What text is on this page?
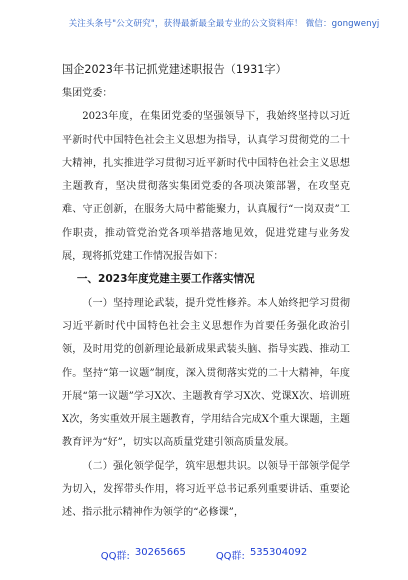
关注头条号"公文研究"，获得最新最全最专业的公文资料库！ 微信：gongwenyj

国企2023年书记抓党建述职报告（1931字）

集团党委：

2023年度，在集团党委的坚强领导下，我始终坚持以习近平新时代中国特色社会主义思想为指导，认真学习贯彻党的二十大精神，扎实推进学习贯彻习近平新时代中国特色社会主义思想主题教育，坚决贯彻落实集团党委的各项决策部署，在攻坚克难、守正创新，在服务大局中蓄能聚力，认真履行“一岗双责”工作职责，推动管党治党各项举措落地见效，促进党建与业务发展，现将抓党建工作情况报告如下：

一、2023年度党建主要工作落实情况

（一）坚持理论武装，提升党性修养。本人始终把学习贯彻习近平新时代中国特色社会主义思想作为首要任务强化政治引领，及时用党的创新理论最新成果武装头脑、指导实践、推动工作。坚持“第一议题”制度，深入贯彻落实党的二十大精神，年度开展“第一议题”学习X次、主题教育学习X次、党课X次、培训班X次，务实重效开展主题教育，学用结合完成X个重大课题，主题教育评为“好”，切实以高质量党建引领高质量发展。

（二）强化领学促学，筑牢思想共识。以领导干部领学促学为切入，发挥带头作用，将习近平总书记系列重要讲话、重要论述、指示批示精神作为领学的“必修课”，

QQ群: 30265665	QQ群: 535304092
